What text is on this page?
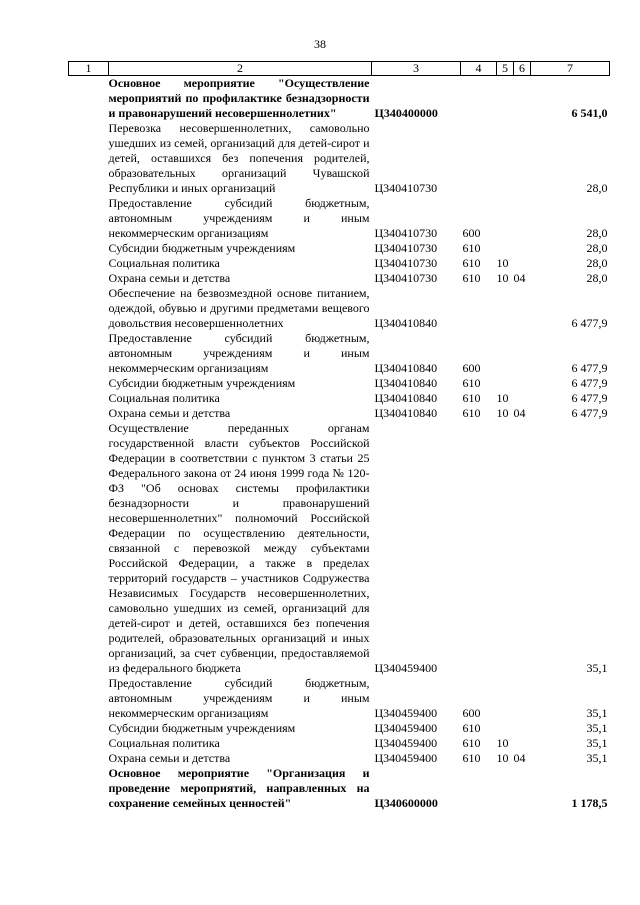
38
1	2	3	4	5	6	7
	Основное мероприятие "Осуществление мероприятий по профилактике безнадзорности и правонарушений несовершеннолетних"	Ц340400000				6 541,0
	Перевозка несовершеннолетних, самовольно ушедших из семей, организаций для детей-сирот и детей, оставшихся без попечения родителей, образовательных организаций Чувашской Республики и иных организаций	Ц340410730				28,0
	Предоставление субсидий бюджетным, автономным учреждениям и иным некоммерческим организациям	Ц340410730	600			28,0
	Субсидии бюджетным учреждениям	Ц340410730	610			28,0
	Социальная политика	Ц340410730	610	10		28,0
	Охрана семьи и детства	Ц340410730	610	10	04	28,0
	Обеспечение на безвозмездной основе питанием, одеждой, обувью и другими предметами вещевого довольствия несовершеннолетних	Ц340410840				6 477,9
	Предоставление субсидий бюджетным, автономным учреждениям и иным некоммерческим организациям	Ц340410840	600			6 477,9
	Субсидии бюджетным учреждениям	Ц340410840	610			6 477,9
	Социальная политика	Ц340410840	610	10		6 477,9
	Охрана семьи и детства	Ц340410840	610	10	04	6 477,9
	Осуществление переданных органам государственной власти субъектов Российской Федерации в соответствии с пунктом 3 статьи 25 Федерального закона от 24 июня 1999 года № 120-ФЗ "Об основах системы профилактики безнадзорности и правонарушений несовершеннолетних" полномочий Российской Федерации по осуществлению деятельности, связанной с перевозкой между субъектами Российской Федерации, а также в пределах территорий государств – участников Содружества Независимых Государств несовершеннолетних, самовольно ушедших из семей, организаций для детей-сирот и детей, оставшихся без попечения родителей, образовательных организаций и иных организаций, за счет субвенции, предоставляемой из федерального бюджета	Ц340459400				35,1
	Предоставление субсидий бюджетным, автономным учреждениям и иным некоммерческим организациям	Ц340459400	600			35,1
	Субсидии бюджетным учреждениям	Ц340459400	610			35,1
	Социальная политика	Ц340459400	610	10		35,1
	Охрана семьи и детства	Ц340459400	610	10	04	35,1
	Основное мероприятие "Организация и проведение мероприятий, направленных на сохранение семейных ценностей"	Ц340600000				1 178,5
